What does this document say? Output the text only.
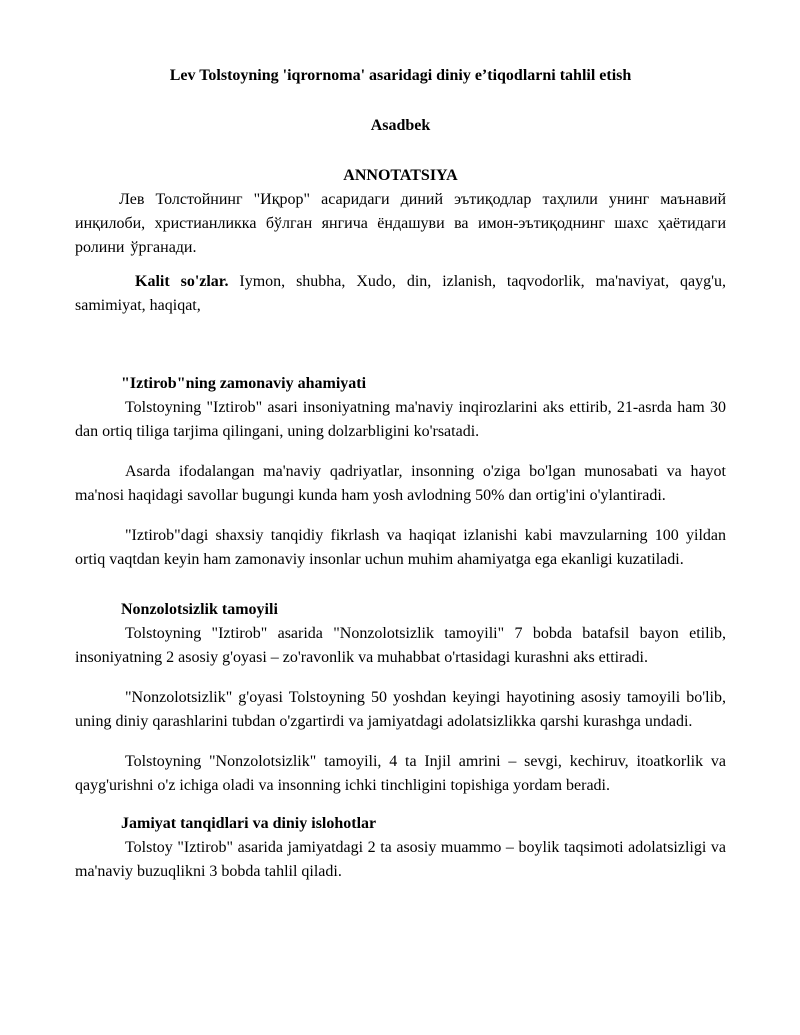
Lev Tolstoyning 'iqrornoma' asaridagi diniy e’tiqodlarni tahlil etish
Asadbek
ANNOTATSIYA

Лев Толстойнинг "Иқрор" асаридаги диний эътиқодлар таҳлили унинг маънавий инқилоби, христианликка бўлган янгича ёндашуви ва имон-эътиқоднинг шахс ҳаётидаги ролини ўрганади.

Kalit so'zlar. Iymon, shubha, Xudo, din, izlanish, taqvodorlik, ma'naviyat, qayg'u, samimiyat, haqiqat,

"Iztirob"ning zamonaviy ahamiyati

Tolstoyning "Iztirob" asari insoniyatning ma'naviy inqirozlarini aks ettirib, 21-asrda ham 30 dan ortiq tiliga tarjima qilingani, uning dolzarbligini ko'rsatadi.

Asarda ifodalangan ma'naviy qadriyatlar, insonning o'ziga bo'lgan munosabati va hayot ma'nosi haqidagi savollar bugungi kunda ham yosh avlodning 50% dan ortig'ini o'ylantiradi.

"Iztirob"dagi shaxsiy tanqidiy fikrlash va haqiqat izlanishi kabi mavzularning 100 yildan ortiq vaqtdan keyin ham zamonaviy insonlar uchun muhim ahamiyatga ega ekanligi kuzatiladi.

Nonzolotsizlik tamoyili

Tolstoyning "Iztirob" asarida "Nonzolotsizlik tamoyili" 7 bobda batafsil bayon etilib, insoniyatning 2 asosiy g'oyasi – zo'ravonlik va muhabbat o'rtasidagi kurashni aks ettiradi.

"Nonzolotsizlik" g'oyasi Tolstoyning 50 yoshdan keyingi hayotining asosiy tamoyili bo'lib, uning diniy qarashlarini tubdan o'zgartirdi va jamiyatdagi adolatsizlikka qarshi kurashga undadi.

Tolstoyning "Nonzolotsizlik" tamoyili, 4 ta Injil amrini – sevgi, kechiruv, itoatkorlik va qayg'urishni o'z ichiga oladi va insonning ichki tinchligini topishiga yordam beradi.

Jamiyat tanqidlari va diniy islohotlar

Tolstoy "Iztirob" asarida jamiyatdagi 2 ta asosiy muammo – boylik taqsimoti adolatsizligi va ma'naviy buzuqlikni 3 bobda tahlil qiladi.
